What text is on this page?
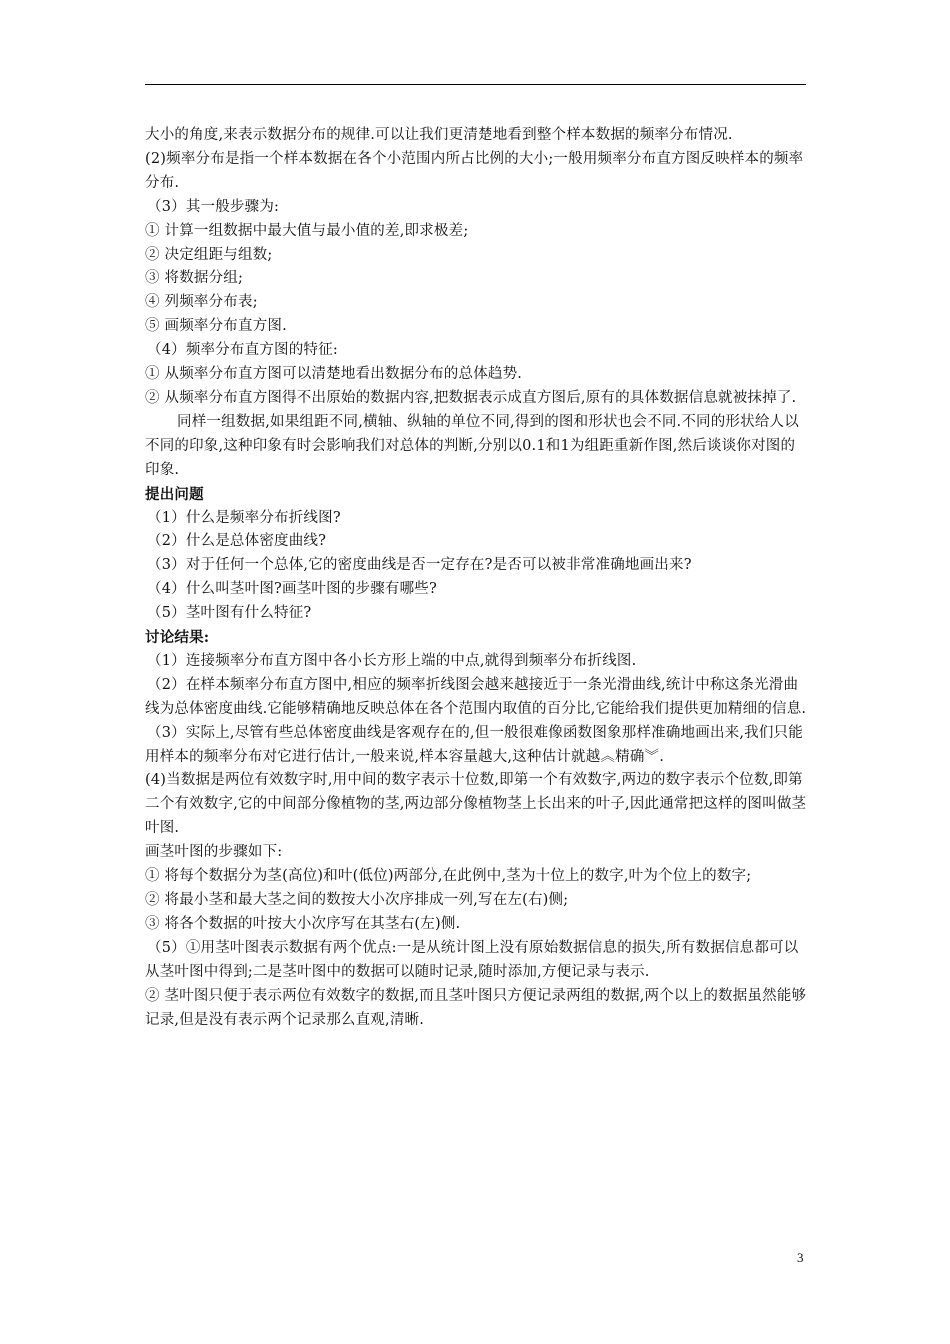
大小的角度,来表示数据分布的规律.可以让我们更清楚地看到整个样本数据的频率分布情况.

(2)频率分布是指一个样本数据在各个小范围内所占比例的大小;一般用频率分布直方图反映样本的频率分布.

（3）其一般步骤为:

① 计算一组数据中最大值与最小值的差,即求极差;

② 决定组距与组数;

③ 将数据分组;

④ 列频率分布表;

⑤ 画频率分布直方图.

（4）频率分布直方图的特征:

① 从频率分布直方图可以清楚地看出数据分布的总体趋势.

② 从频率分布直方图得不出原始的数据内容,把数据表示成直方图后,原有的具体数据信息就被抹掉了.

同样一组数据,如果组距不同,横轴、纵轴的单位不同,得到的图和形状也会不同.不同的形状给人以不同的印象,这种印象有时会影响我们对总体的判断,分别以0.1和1为组距重新作图,然后谈谈你对图的印象.

提出问题

（1）什么是频率分布折线图?

（2）什么是总体密度曲线?

（3）对于任何一个总体,它的密度曲线是否一定存在?是否可以被非常准确地画出来?

（4）什么叫茎叶图?画茎叶图的步骤有哪些?

（5）茎叶图有什么特征?

讨论结果:

（1）连接频率分布直方图中各小长方形上端的中点,就得到频率分布折线图.

（2）在样本频率分布直方图中,相应的频率折线图会越来越接近于一条光滑曲线,统计中称这条光滑曲线为总体密度曲线.它能够精确地反映总体在各个范围内取值的百分比,它能给我们提供更加精细的信息.

（3）实际上,尽管有些总体密度曲线是客观存在的,但一般很难像函数图象那样准确地画出来,我们只能用样本的频率分布对它进行估计,一般来说,样本容量越大,这种估计就越︽精确︾.

(4)当数据是两位有效数字时,用中间的数字表示十位数,即第一个有效数字,两边的数字表示个位数,即第二个有效数字,它的中间部分像植物的茎,两边部分像植物茎上长出来的叶子,因此通常把这样的图叫做茎叶图.

画茎叶图的步骤如下:

① 将每个数据分为茎(高位)和叶(低位)两部分,在此例中,茎为十位上的数字,叶为个位上的数字;

② 将最小茎和最大茎之间的数按大小次序排成一列,写在左(右)侧;

③ 将各个数据的叶按大小次序写在其茎右(左)侧.

（5）①用茎叶图表示数据有两个优点:一是从统计图上没有原始数据信息的损失,所有数据信息都可以从茎叶图中得到;二是茎叶图中的数据可以随时记录,随时添加,方便记录与表示.

② 茎叶图只便于表示两位有效数字的数据,而且茎叶图只方便记录两组的数据,两个以上的数据虽然能够记录,但是没有表示两个记录那么直观,清晰.

3
